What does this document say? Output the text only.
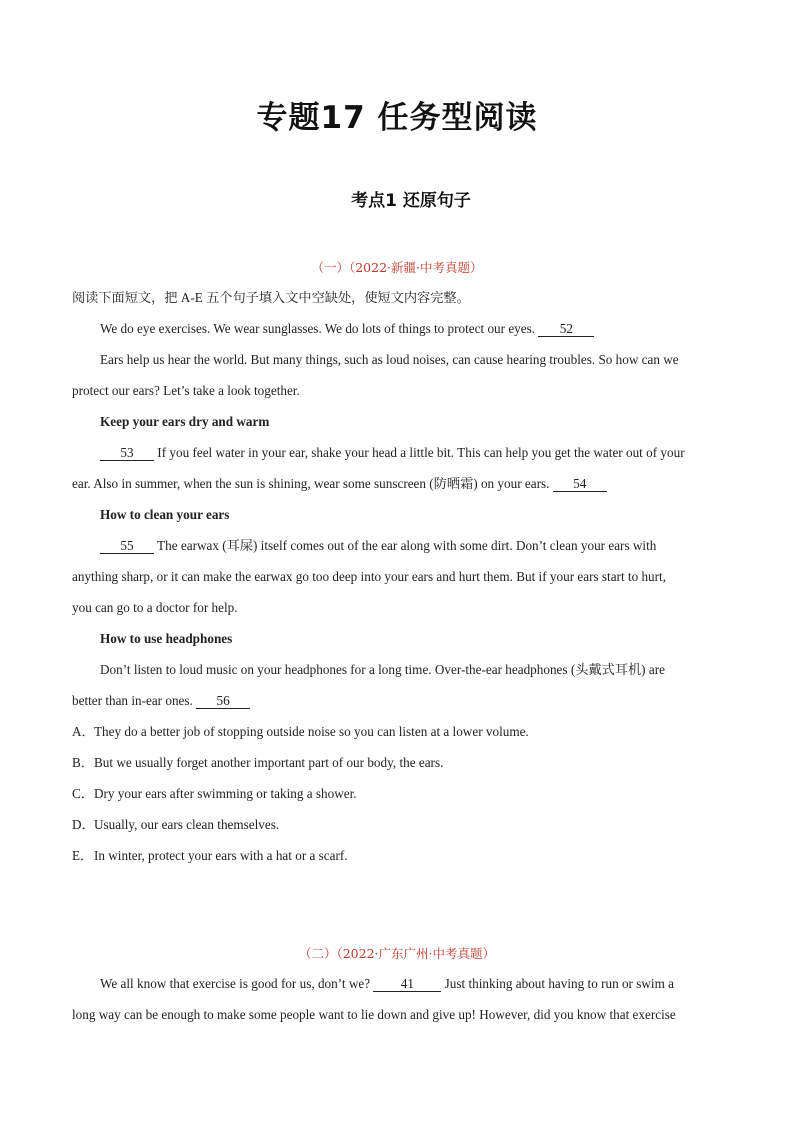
专题17 任务型阅读
考点1 还原句子
（一）（2022·新疆·中考真题）
阅读下面短文，把 A-E 五个句子填入文中空缺处，使短文内容完整。
We do eye exercises. We wear sunglasses. We do lots of things to protect our eyes. 52
Ears help us hear the world. But many things, such as loud noises, can cause hearing troubles. So how can we
protect our ears? Let’s take a look together.
Keep your ears dry and warm
53 If you feel water in your ear, shake your head a little bit. This can help you get the water out of your
ear. Also in summer, when the sun is shining, wear some sunscreen (防晒霜) on your ears. 54
How to clean your ears
55 The earwax (耳屎) itself comes out of the ear along with some dirt. Don’t clean your ears with
anything sharp, or it can make the earwax go too deep into your ears and hurt them. But if your ears start to hurt,
you can go to a doctor for help.
How to use headphones
Don’t listen to loud music on your headphones for a long time. Over-the-ear headphones (头戴式耳机) are
better than in-ear ones. 56
A．They do a better job of stopping outside noise so you can listen at a lower volume.
B．But we usually forget another important part of our body, the ears.
C．Dry your ears after swimming or taking a shower.
D．Usually, our ears clean themselves.
E．In winter, protect your ears with a hat or a scarf.
（二）（2022·广东广州·中考真题）
We all know that exercise is good for us, don’t we? 41 Just thinking about having to run or swim a
long way can be enough to make some people want to lie down and give up! However, did you know that exercise
